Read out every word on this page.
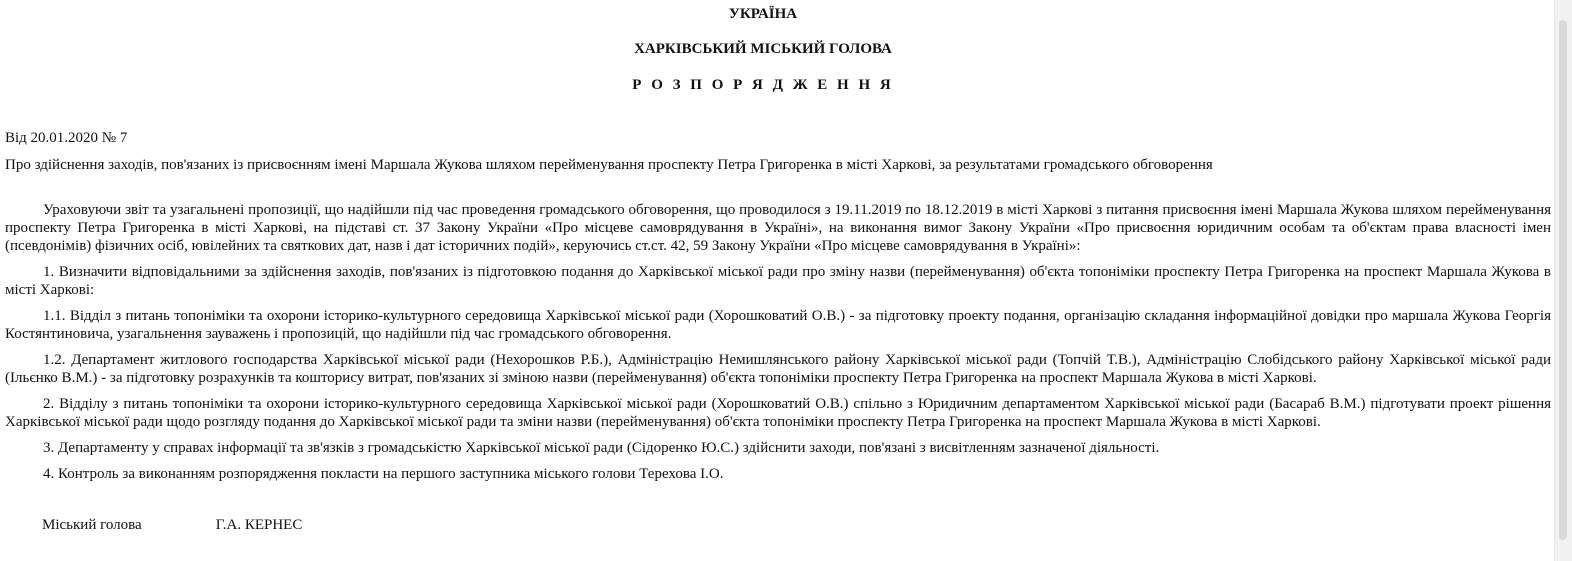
УКРАЇНА

ХАРКІВСЬКИЙ МІСЬКИЙ ГОЛОВА

Р О З П О Р Я Д Ж Е Н Н Я

Від 20.01.2020 № 7

Про здійснення заходів, пов'язаних із присвоєнням імені Маршала Жукова шляхом перейменування проспекту Петра Григоренка в місті Харкові, за результатами громадського обговорення

Ураховуючи звіт та узагальнені пропозиції, що надійшли під час проведення громадського обговорення, що проводилося з 19.11.2019 по 18.12.2019 в місті Харкові з питання присвоєння імені Маршала Жукова шляхом перейменування проспекту Петра Григоренка в місті Харкові, на підставі ст. 37 Закону України «Про місцеве самоврядування в Україні», на виконання вимог Закону України «Про присвоєння юридичним особам та об'єктам права власності імен (псевдонімів) фізичних осіб, ювілейних та святкових дат, назв і дат історичних подій», керуючись ст.ст. 42, 59 Закону України «Про місцеве самоврядування в Україні»:

1. Визначити відповідальними за здійснення заходів, пов'язаних із підготовкою подання до Харківської міської ради про зміну назви (перейменування) об'єкта топоніміки проспекту Петра Григоренка на проспект Маршала Жукова в місті Харкові:

1.1. Відділ з питань топоніміки та охорони історико-культурного середовища Харківської міської ради (Хорошковатий О.В.) - за підготовку проекту подання, організацію складання інформаційної довідки про маршала Жукова Георгія Костянтиновича, узагальнення зауважень і пропозицій, що надійшли під час громадського обговорення.

1.2. Департамент житлового господарства Харківської міської ради (Нехорошков Р.Б.), Адміністрацію Немишлянського району Харківської міської ради (Топчій Т.В.), Адміністрацію Слобідського району Харківської міської ради (Ільєнко В.М.) - за підготовку розрахунків та кошторису витрат, пов'язаних зі зміною назви (перейменування) об'єкта топоніміки проспекту Петра Григоренка на проспект Маршала Жукова в місті Харкові.

2. Відділу з питань топоніміки та охорони історико-культурного середовища Харківської міської ради (Хорошковатий О.В.) спільно з Юридичним департаментом Харківської міської ради (Басараб В.М.) підготувати проект рішення Харківської міської ради щодо розгляду подання до Харківської міської ради та зміни назви (перейменування) об'єкта топоніміки проспекту Петра Григоренка на проспект Маршала Жукова в місті Харкові.

3. Департаменту у справах інформації та зв'язків з громадськістю Харківської міської ради (Сідоренко Ю.С.) здійснити заходи, пов'язані з висвітленням зазначеної діяльності.

4. Контроль за виконанням розпорядження покласти на першого заступника міського голови Терехова І.О.

Міський голова	Г.А. КЕРНЕС
